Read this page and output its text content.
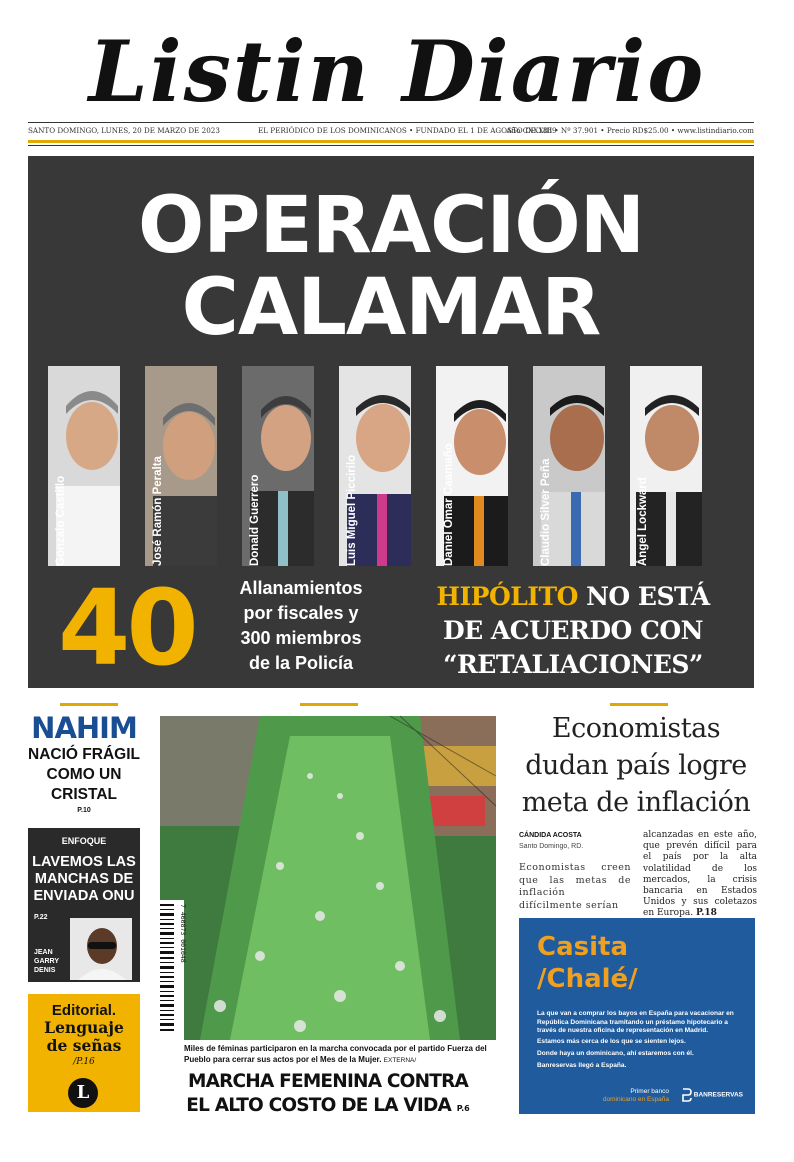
Listin Diario
SANTO DOMINGO, LUNES, 20 DE MARZO DE 2023	EL PERIÓDICO DE LOS DOMINICANOS • FUNDADO EL 1 DE AGOSTO DE 1889
Año CXXXIII • Nº 37.901 • Precio RD$25.00 • www.listindiario.com
OPERACIÓN
CALAMAR
Gonzalo Castillo	José Ramón Peralta	Donald Guerrero	Luis Miguel Piccirilo	Daniel Omar Caamaño	Claudio Silver Peña	Ángel Lockward
40	Allanamientos
por fiscales y
300 miembros
de la Policía
HIPÓLITO NO ESTÁ
DE ACUERDO CON
“RETALIACIONES”
NAHIM
NACIÓ FRÁGIL
COMO UN
CRISTAL
P.10
ENFOQUE
LAVEMOS LAS
MANCHAS DE
ENVIADA ONU
P.22
JEAN
GARRY
DENIS
Editorial.
Lenguaje
de señas
/P.16
L
7 460873 001048
Miles de féminas participaron en la marcha convocada por el partido Fuerza del Pueblo para cerrar sus actos por el Mes de la Mujer. EXTERNA/
MARCHA FEMENINA CONTRA
EL ALTO COSTO DE LA VIDA P.6
Economistas
dudan país logre
meta de inflación
CÁNDIDA ACOSTA
Santo Domingo, RD.
Economistas creen que las metas de inflación difícilmente serían
alcanzadas en este año, que prevén difícil para el país por la alta volatilidad de los mercados, la crisis bancaria en Estados Unidos y sus coletazos en Europa. P.18
Casita
/Chalé/
La que van a comprar los bayos en España para vacacionar en República Dominicana tramitando un préstamo hipotecario a través de nuestra oficina de representación en Madrid.
Estamos más cerca de los que se sienten lejos.
Donde haya un dominicano, ahí estaremos con él.
Banreservas llegó a España.
Primer banco
dominicano en España
BANRESERVAS
